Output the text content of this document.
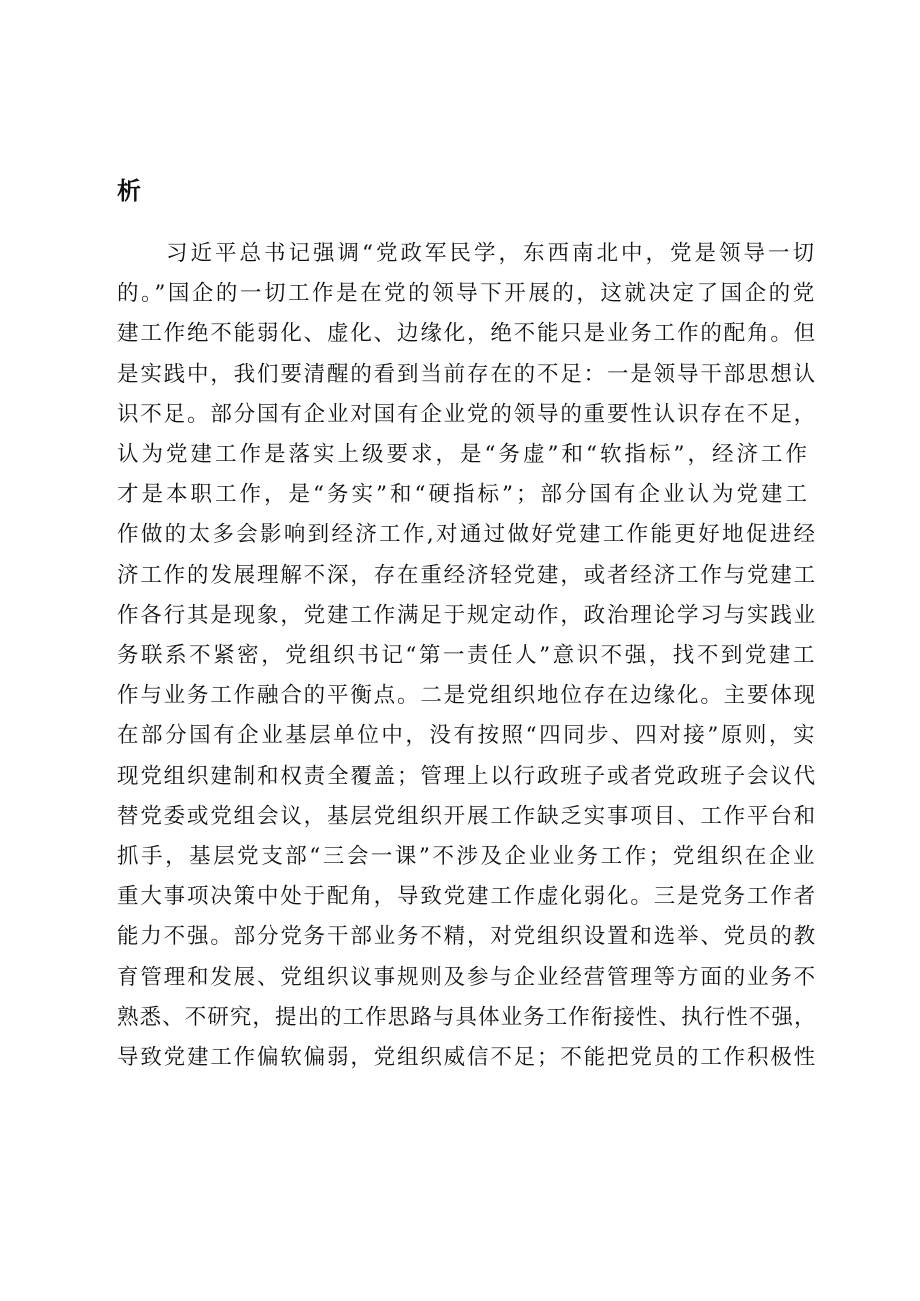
析
　　习近平总书记强调“党政军民学，东西南北中，党是领导一切
的。”国企的一切工作是在党的领导下开展的，这就决定了国企的党
建工作绝不能弱化、虚化、边缘化，绝不能只是业务工作的配角。但
是实践中，我们要清醒的看到当前存在的不足：一是领导干部思想认
识不足。部分国有企业对国有企业党的领导的重要性认识存在不足，
认为党建工作是落实上级要求，是“务虚”和“软指标”，经济工作
才是本职工作，是“务实”和“硬指标”；部分国有企业认为党建工
作做的太多会影响到经济工作,对通过做好党建工作能更好地促进经
济工作的发展理解不深，存在重经济轻党建，或者经济工作与党建工
作各行其是现象，党建工作满足于规定动作，政治理论学习与实践业
务联系不紧密，党组织书记“第一责任人”意识不强，找不到党建工
作与业务工作融合的平衡点。二是党组织地位存在边缘化。主要体现
在部分国有企业基层单位中，没有按照“四同步、四对接”原则，实
现党组织建制和权责全覆盖；管理上以行政班子或者党政班子会议代
替党委或党组会议，基层党组织开展工作缺乏实事项目、工作平台和
抓手，基层党支部“三会一课”不涉及企业业务工作；党组织在企业
重大事项决策中处于配角，导致党建工作虚化弱化。三是党务工作者
能力不强。部分党务干部业务不精，对党组织设置和选举、党员的教
育管理和发展、党组织议事规则及参与企业经营管理等方面的业务不
熟悉、不研究，提出的工作思路与具体业务工作衔接性、执行性不强，
导致党建工作偏软偏弱，党组织威信不足；不能把党员的工作积极性
